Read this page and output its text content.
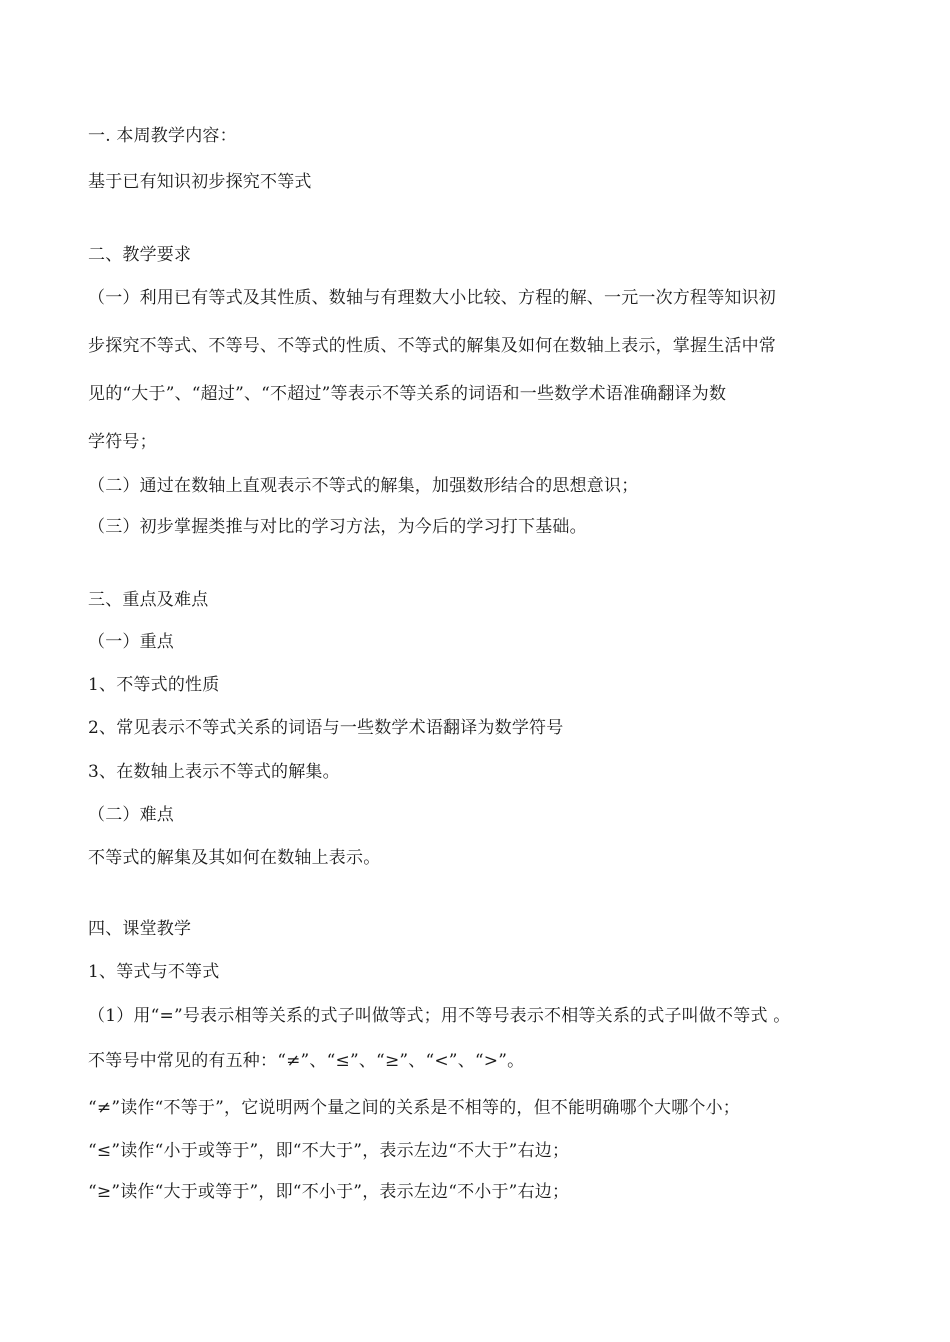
一. 本周教学内容：
基于已有知识初步探究不等式
二、教学要求
（一）利用已有等式及其性质、数轴与有理数大小比较、方程的解、一元一次方程等知识初
步探究不等式、不等号、不等式的性质、不等式的解集及如何在数轴上表示，掌握生活中常
见的“大于”、“超过”、“不超过”等表示不等关系的词语和一些数学术语准确翻译为数
学符号；
（二）通过在数轴上直观表示不等式的解集，加强数形结合的思想意识；
（三）初步掌握类推与对比的学习方法，为今后的学习打下基础。
三、重点及难点
（一）重点
1、不等式的性质
2、常见表示不等式关系的词语与一些数学术语翻译为数学符号
3、在数轴上表示不等式的解集。
（二）难点
不等式的解集及其如何在数轴上表示。
四、课堂教学
1、等式与不等式
（1）用“=”号表示相等关系的式子叫做等式；用不等号表示不相等关系的式子叫做不等式 。
不等号中常见的有五种：“≠”、“≤”、“≥”、“<”、“>”。
“≠”读作“不等于”，它说明两个量之间的关系是不相等的，但不能明确哪个大哪个小；
“≤”读作“小于或等于”，即“不大于”，表示左边“不大于”右边；
“≥”读作“大于或等于”，即“不小于”，表示左边“不小于”右边；
